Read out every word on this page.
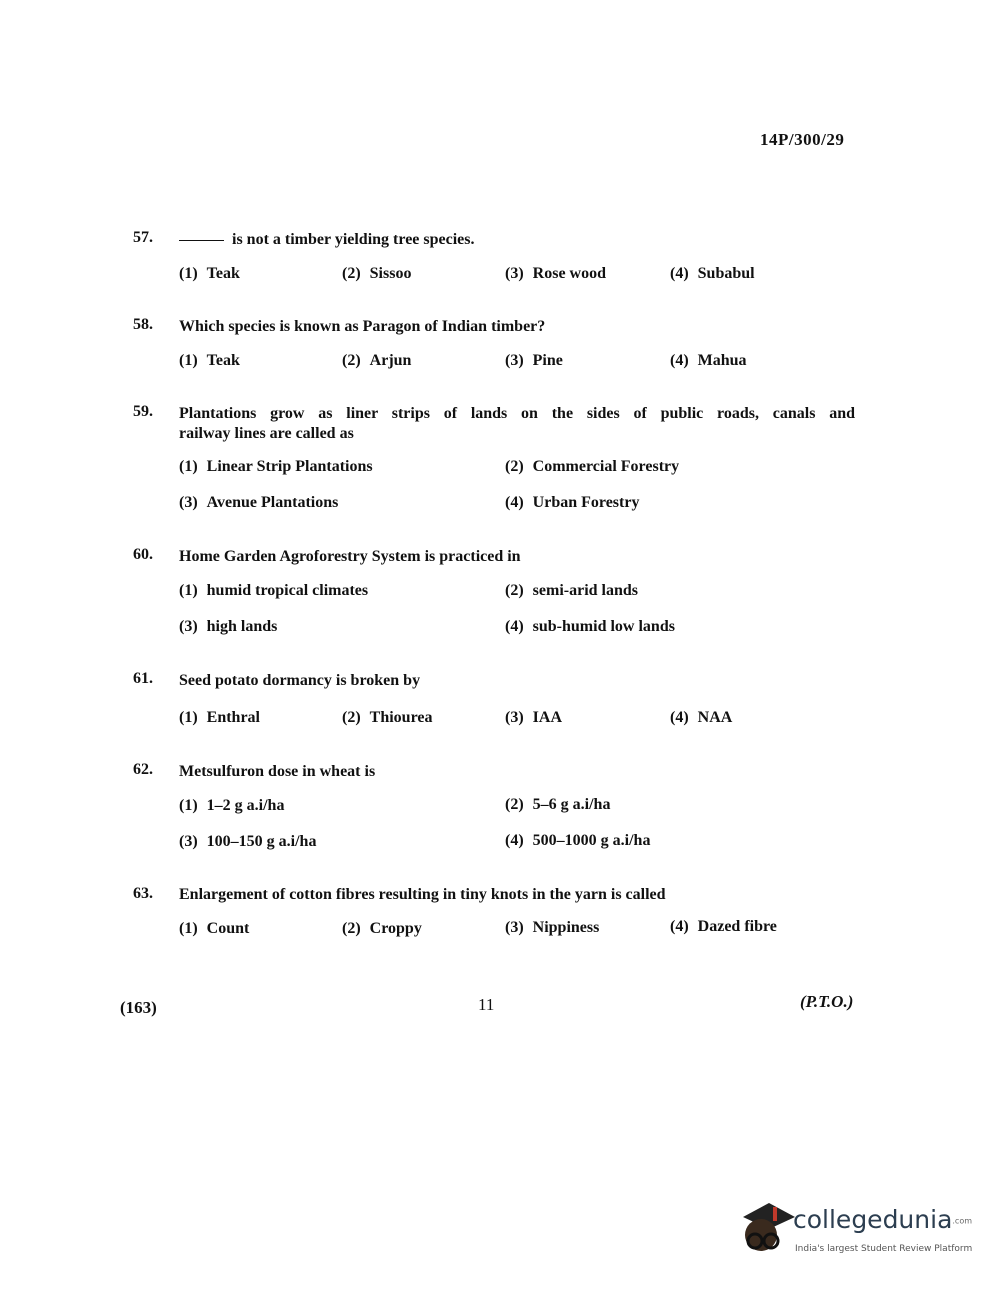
14P/300/29
57.	is not a timber yielding tree species.
(1) Teak	(2) Sissoo	(3) Rose wood	(4) Subabul
58. Which species is known as Paragon of Indian timber?
(1) Teak	(2) Arjun	(3) Pine	(4) Mahua
59. Plantations grow as liner strips of lands on the sides of public roads, canals and
railway lines are called as
(1) Linear Strip Plantations	(2) Commercial Forestry
(3) Avenue Plantations	(4) Urban Forestry
60. Home Garden Agroforestry System is practiced in
(1) humid tropical climates	(2) semi-arid lands
(3) high lands	(4) sub-humid low lands
61. Seed potato dormancy is broken by
(1) Enthral	(2) Thiourea	(3) IAA	(4) NAA
62. Metsulfuron dose in wheat is
(1) 1–2 g a.i/ha	(2) 5–6 g a.i/ha
(3) 100–150 g a.i/ha	(4) 500–1000 g a.i/ha
63. Enlargement of cotton fibres resulting in tiny knots in the yarn is called
(1) Count	(2) Croppy	(3) Nippiness	(4) Dazed fibre
(163)	11	(P.T.O.)
collegedunia.com
India's largest Student Review Platform
